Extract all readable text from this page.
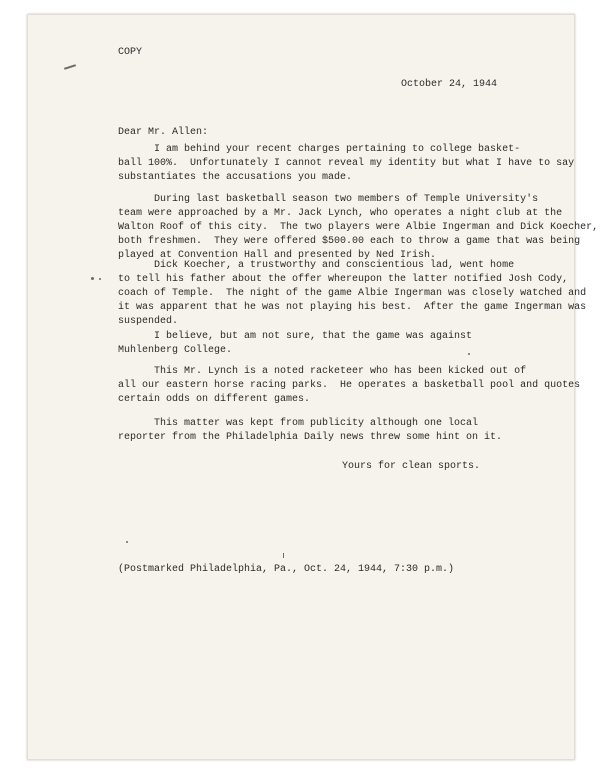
COPY
October 24, 1944
Dear Mr. Allen:
I am behind your recent charges pertaining to college basket-
ball 100%.  Unfortunately I cannot reveal my identity but what I have to say
substantiates the accusations you made.
During last basketball season two members of Temple University's
team were approached by a Mr. Jack Lynch, who operates a night club at the
Walton Roof of this city.  The two players were Albie Ingerman and Dick Koecher,
both freshmen.  They were offered $500.00 each to throw a game that was being
played at Convention Hall and presented by Ned Irish.
Dick Koecher, a trustworthy and conscientious lad, went home
to tell his father about the offer whereupon the latter notified Josh Cody,
coach of Temple.  The night of the game Albie Ingerman was closely watched and
it was apparent that he was not playing his best.  After the game Ingerman was
suspended.
I believe, but am not sure, that the game was against
Muhlenberg College.
This Mr. Lynch is a noted racketeer who has been kicked out of
all our eastern horse racing parks.  He operates a basketball pool and quotes
certain odds on different games.
This matter was kept from publicity although one local
reporter from the Philadelphia Daily news threw some hint on it.
Yours for clean sports.
(Postmarked Philadelphia, Pa., Oct. 24, 1944, 7:30 p.m.)
